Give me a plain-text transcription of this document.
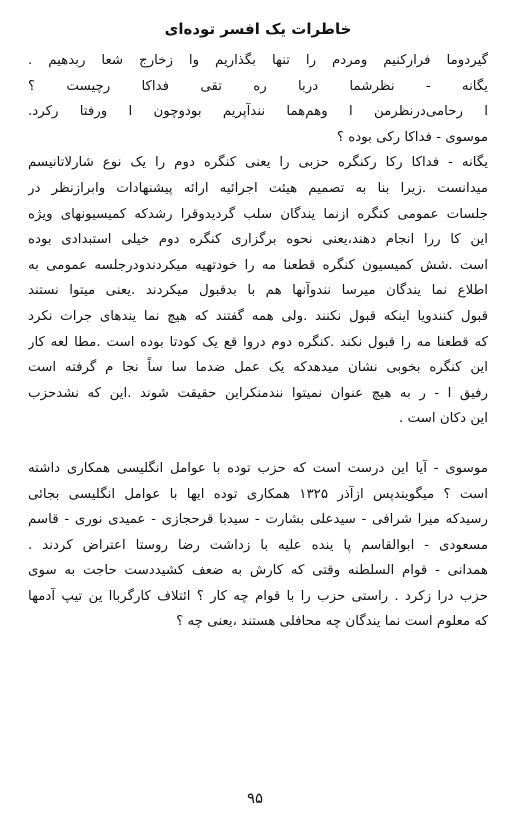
خاطرات یک افسر توده‌ای
گیردوما فرارکنیم ومردم را تنها بگذاریم وا زخارج شعا ربدهیم .
یگانه - نظرشما دربا ره تقی فداکا رچیست ؟
ا رحامی‌درنظرمن ا وهم‌هما نندآپریم بودوچون ا ورفتا رکرد.
موسوی - فداکا رکی بوده ؟
یگانه - فداکا رکا رکنگره حزبی را یعنی کنگره دوم را یک نوع شارلاتانیسم
میدانست .زیرا بنا به تصمیم هیئت اجرائیه ارائه پیشنهادات وابرازنظر در
جلسات عمومی کنگره ازنما یندگان سلب گردیدوقرا رشدکه کمیسیونهای ویژه
این کا ررا انجام دهند،یعنی نحوه برگزاری کنگره دوم خیلی استبدادی بوده
است .شش کمیسیون کنگره قطعنا مه را خودتهیه میکردندودرجلسه عمومی به
اطلاع نما یندگان میرسا نندوآنها هم با بدقبول میکردند .یعنی میتوا نستند
قبول کنندویا اینکه قبول نکنند .ولی همه گفتند که هیچ نما یندهای جرات نکرد
که قطعنا مه را قبول نکند .کنگره دوم دروا قع یک کودتا بوده است .مطا لعه کار
این کنگره بخوبی نشان میدهدکه یک عمل ضدما سا ساً نجا م گرفته است
رفیق ا - ر به هیچ عنوان نمیتوا نندمنکراین حقیقت شوند .این که نشدحزب
این دکان است .
موسوی - آیا این درست است که حزب توده با عوامل انگلیسی همکاری داشته
است ؟ میگویندپس ازآذر ۱۳۲۵ همکاری توده ایها با عوامل انگلیسی بجائی
رسیدکه میرا شرافی - سیدعلی بشارت - سیدبا قرحجازی - عمیدی نوری - قاسم
مسعودی - ابوالقاسم پا ینده علیه با زداشت رضا روستا اعتراض کردند .
همدانی - قوام السلطنه وقتی که کارش به ضعف کشیددست حاجت به سوی
حزب درا زکرد . راستی حزب را با قوام چه کار ؟ ائتلاف کارگرباا ین تیپ آدمها
که معلوم است نما یندگان چه محافلی هستند ،یعنی چه ؟
۹۵
